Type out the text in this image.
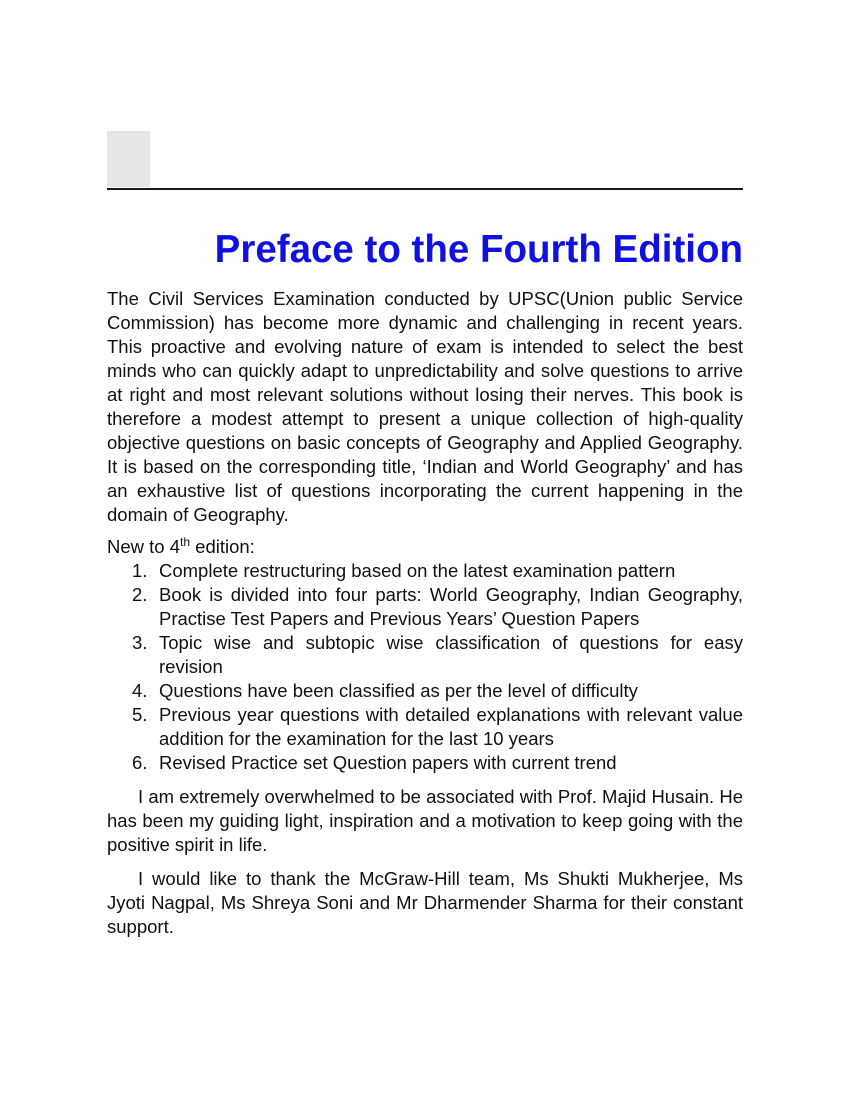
Preface to the Fourth Edition

The Civil Services Examination conducted by UPSC(Union public Service Commission) has become more dynamic and challenging in recent years. This proactive and evolving nature of exam is intended to select the best minds who can quickly adapt to unpredictability and solve questions to arrive at right and most relevant solutions without losing their nerves. This book is therefore a modest attempt to present a unique collection of high-quality objective questions on basic concepts of Geography and Applied Geography. It is based on the corresponding title, ‘Indian and World Geography’ and has an exhaustive list of questions incorporating the current happening in the domain of Geography.

New to 4th edition:

1. Complete restructuring based on the latest examination pattern
2. Book is divided into four parts: World Geography, Indian Geography, Practise Test Papers and Previous Years’ Question Papers
3. Topic wise and subtopic wise classification of questions for easy revision
4. Questions have been classified as per the level of difficulty
5. Previous year questions with detailed explanations with relevant value addition for the examination for the last 10 years
6. Revised Practice set Question papers with current trend

I am extremely overwhelmed to be associated with Prof. Majid Husain. He has been my guiding light, inspiration and a motivation to keep going with the positive spirit in life.

I would like to thank the McGraw-Hill team, Ms Shukti Mukherjee, Ms Jyoti Nagpal, Ms Shreya Soni and Mr Dharmender Sharma for their constant support.
